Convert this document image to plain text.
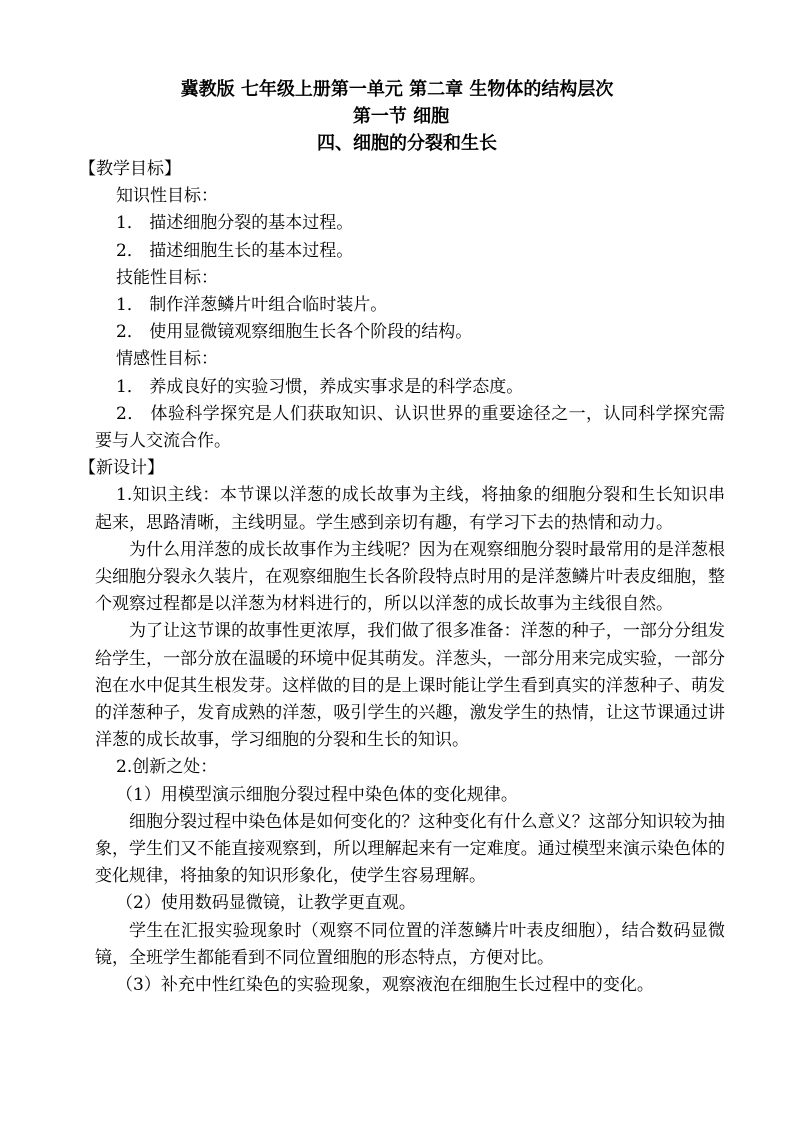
冀教版 七年级上册第一单元 第二章 生物体的结构层次
第一节 细胞
四、细胞的分裂和生长

【教学目标】

知识性目标：

1． 描述细胞分裂的基本过程。

2． 描述细胞生长的基本过程。

技能性目标：

1． 制作洋葱鳞片叶组合临时装片。

2． 使用显微镜观察细胞生长各个阶段的结构。

情感性目标：

1． 养成良好的实验习惯，养成实事求是的科学态度。

2． 体验科学探究是人们获取知识、认识世界的重要途径之一，认同科学探究需要与人交流合作。

【新设计】

1.知识主线：本节课以洋葱的成长故事为主线，将抽象的细胞分裂和生长知识串起来，思路清晰，主线明显。学生感到亲切有趣，有学习下去的热情和动力。

为什么用洋葱的成长故事作为主线呢？因为在观察细胞分裂时最常用的是洋葱根尖细胞分裂永久装片，在观察细胞生长各阶段特点时用的是洋葱鳞片叶表皮细胞，整个观察过程都是以洋葱为材料进行的，所以以洋葱的成长故事为主线很自然。

为了让这节课的故事性更浓厚，我们做了很多准备：洋葱的种子，一部分分组发给学生，一部分放在温暖的环境中促其萌发。洋葱头，一部分用来完成实验，一部分泡在水中促其生根发芽。这样做的目的是上课时能让学生看到真实的洋葱种子、萌发的洋葱种子，发育成熟的洋葱，吸引学生的兴趣，激发学生的热情，让这节课通过讲洋葱的成长故事，学习细胞的分裂和生长的知识。

2.创新之处：

（1）用模型演示细胞分裂过程中染色体的变化规律。

细胞分裂过程中染色体是如何变化的？这种变化有什么意义？这部分知识较为抽象，学生们又不能直接观察到，所以理解起来有一定难度。通过模型来演示染色体的变化规律，将抽象的知识形象化，使学生容易理解。

（2）使用数码显微镜，让教学更直观。

学生在汇报实验现象时（观察不同位置的洋葱鳞片叶表皮细胞），结合数码显微镜，全班学生都能看到不同位置细胞的形态特点，方便对比。

（3）补充中性红染色的实验现象，观察液泡在细胞生长过程中的变化。
